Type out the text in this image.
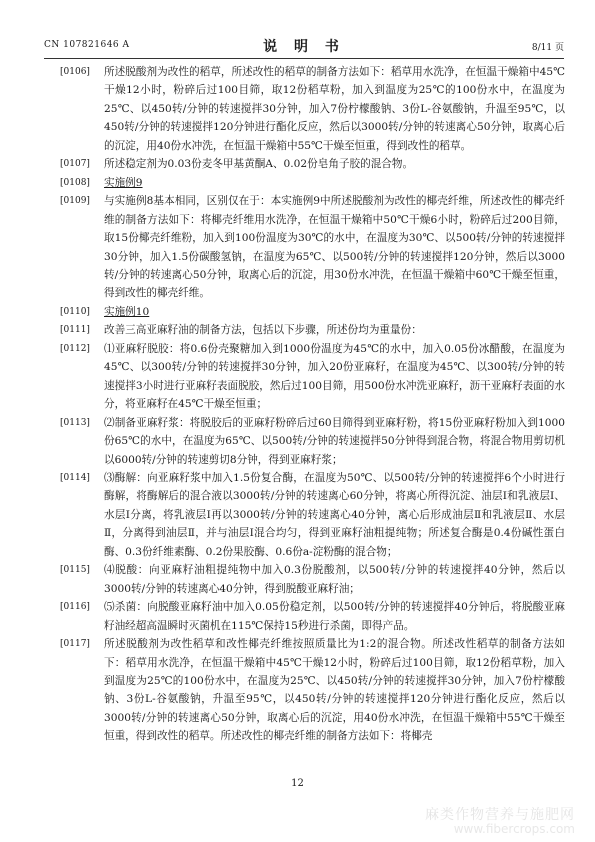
CN 107821646 A	说 明 书	8/11 页
[0106]	所述脱酸剂为改性的稻草，所述改性的稻草的制备方法如下：稻草用水洗净，在恒温干燥箱中45℃干燥12小时，粉碎后过100目筛，取12份稻草粉，加入到温度为25℃的100份水中，在温度为25℃、以450转/分钟的转速搅拌30分钟，加入7份柠檬酸钠、3份L-谷氨酸钠，升温至95℃，以450转/分钟的转速搅拌120分钟进行酯化反应，然后以3000转/分钟的转速离心50分钟，取离心后的沉淀，用40份水冲洗，在恒温干燥箱中55℃干燥至恒重，得到改性的稻草。
[0107]	所述稳定剂为0.03份麦冬甲基黄酮A、0.02份皂角子胶的混合物。
[0108]	实施例9
[0109]	与实施例8基本相同，区别仅在于：本实施例9中所述脱酸剂为改性的椰壳纤维，所述改性的椰壳纤维的制备方法如下：将椰壳纤维用水洗净，在恒温干燥箱中50℃干燥6小时，粉碎后过200目筛，取15份椰壳纤维粉，加入到100份温度为30℃的水中，在温度为30℃、以500转/分钟的转速搅拌30分钟，加入1.5份碳酸氢钠，在温度为65℃、以500转/分钟的转速搅拌120分钟，然后以3000转/分钟的转速离心50分钟，取离心后的沉淀，用30份水冲洗，在恒温干燥箱中60℃干燥至恒重，得到改性的椰壳纤维。
[0110]	实施例10
[0111]	改善三高亚麻籽油的制备方法，包括以下步骤，所述份均为重量份：
[0112]	⑴亚麻籽脱胶：将0.6份壳聚糖加入到1000份温度为45℃的水中，加入0.05份冰醋酸，在温度为45℃、以300转/分钟的转速搅拌30分钟，加入20份亚麻籽，在温度为45℃、以300转/分钟的转速搅拌3小时进行亚麻籽表面脱胶，然后过100目筛，用500份水冲洗亚麻籽，沥干亚麻籽表面的水分，将亚麻籽在45℃干燥至恒重；
[0113]	⑵制备亚麻籽浆：将脱胶后的亚麻籽粉碎后过60目筛得到亚麻籽粉，将15份亚麻籽粉加入到1000份65℃的水中，在温度为65℃、以500转/分钟的转速搅拌50分钟得到混合物，将混合物用剪切机以6000转/分钟的转速剪切8分钟，得到亚麻籽浆；
[0114]	⑶酶解：向亚麻籽浆中加入1.5份复合酶，在温度为50℃、以500转/分钟的转速搅拌6个小时进行酶解，将酶解后的混合液以3000转/分钟的转速离心60分钟，将离心所得沉淀、油层Ⅰ和乳液层Ⅰ、水层Ⅰ分离，将乳液层Ⅰ再以3000转/分钟的转速离心40分钟，离心后形成油层Ⅱ和乳液层Ⅱ、水层Ⅱ，分离得到油层Ⅱ，并与油层Ⅰ混合均匀，得到亚麻籽油粗提纯物；所述复合酶是0.4份碱性蛋白酶、0.3份纤维素酶、0.2份果胶酶、0.6份a-淀粉酶的混合物；
[0115]	⑷脱酸：向亚麻籽油粗提纯物中加入0.3份脱酸剂，以500转/分钟的转速搅拌40分钟，然后以3000转/分钟的转速离心40分钟，得到脱酸亚麻籽油；
[0116]	⑸杀菌：向脱酸亚麻籽油中加入0.05份稳定剂，以500转/分钟的转速搅拌40分钟后，将脱酸亚麻籽油经超高温瞬时灭菌机在115℃保持15秒进行杀菌，即得产品。
[0117]	所述脱酸剂为改性稻草和改性椰壳纤维按照质量比为1:2的混合物。所述改性稻草的制备方法如下：稻草用水洗净，在恒温干燥箱中45℃干燥12小时，粉碎后过100目筛，取12份稻草粉，加入到温度为25℃的100份水中，在温度为25℃、以450转/分钟的转速搅拌30分钟，加入7份柠檬酸钠、3份L-谷氨酸钠，升温至95℃，以450转/分钟的转速搅拌120分钟进行酯化反应，然后以3000转/分钟的转速离心50分钟，取离心后的沉淀，用40份水冲洗，在恒温干燥箱中55℃干燥至恒重，得到改性的稻草。所述改性的椰壳纤维的制备方法如下：将椰壳
12
麻类作物营养与施肥网
www.fibercrops.com
